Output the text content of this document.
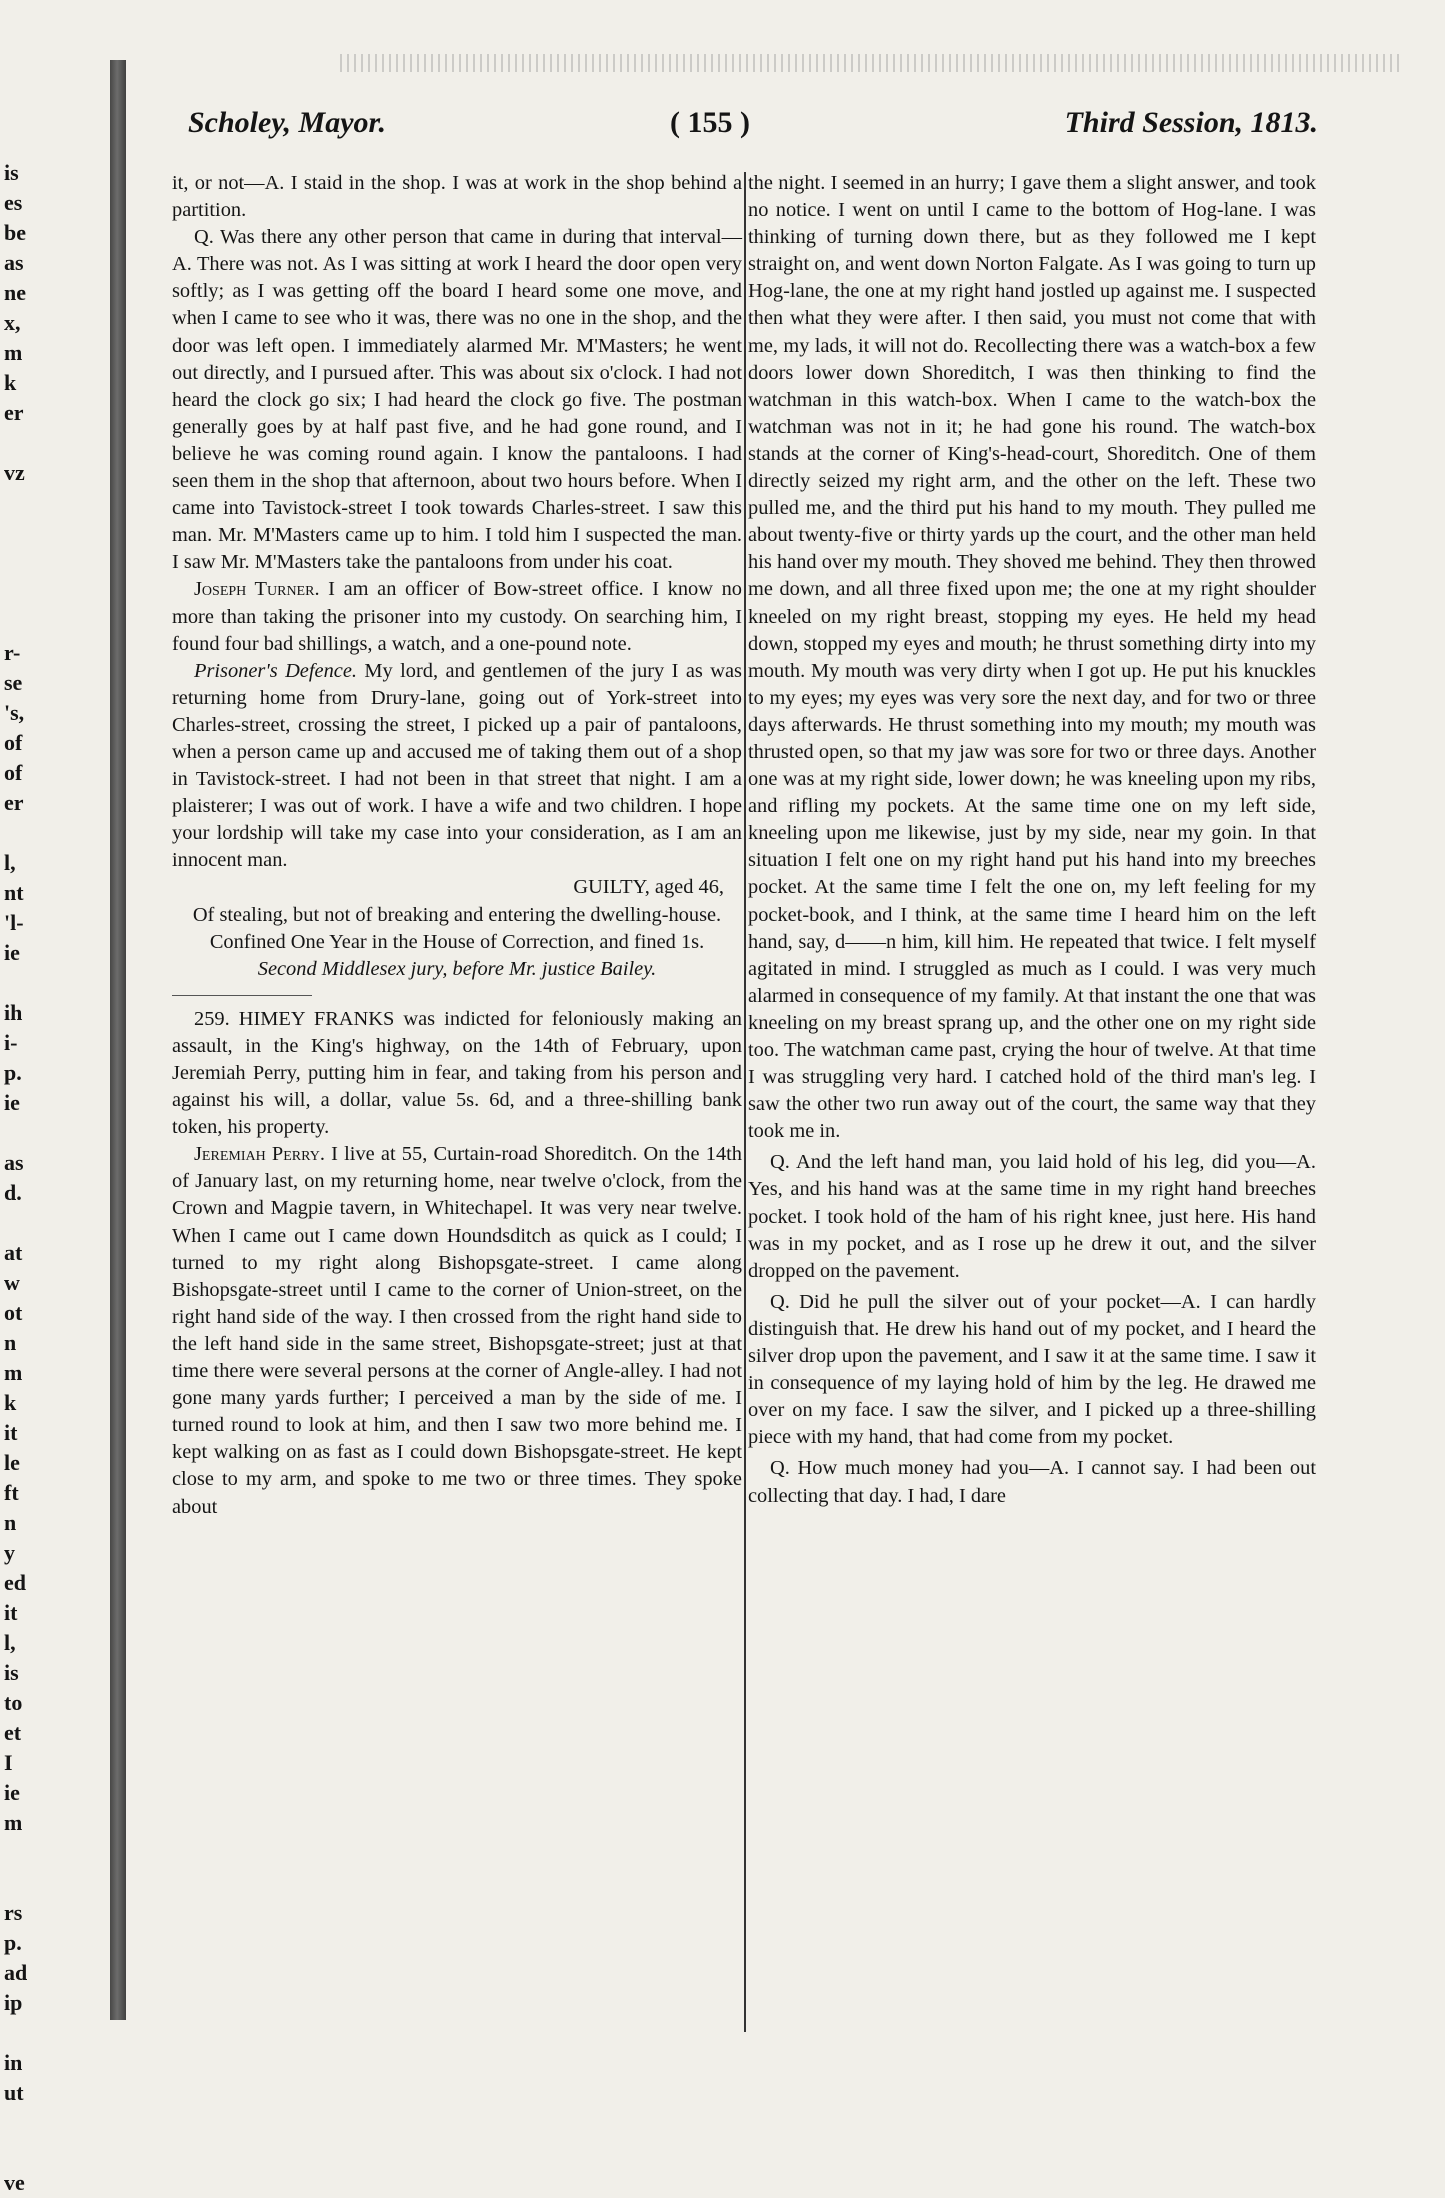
is
es
be
as
ne
x,
m
k
er
vz
r-
se
's,
of
of
er
l,
nt
'l-
ie
ih
i-
p.
ie
as
d.
at
w
ot
n
m
k
it
le
ft
n
y
ed
it
l,
is
to
et
I
ie
m
rs
p.
ad
ip
in
ut
ve
Scholey, Mayor.	( 155 )	Third Session, 1813.

it, or not—A. I staid in the shop. I was at work in the shop behind a partition.

Q. Was there any other person that came in during that interval—A. There was not. As I was sitting at work I heard the door open very softly; as I was getting off the board I heard some one move, and when I came to see who it was, there was no one in the shop, and the door was left open. I immediately alarmed Mr. M'Masters; he went out directly, and I pursued after. This was about six o'clock. I had not heard the clock go six; I had heard the clock go five. The postman generally goes by at half past five, and he had gone round, and I believe he was coming round again. I know the pantaloons. I had seen them in the shop that afternoon, about two hours before. When I came into Tavistock-street I took towards Charles-street. I saw this man. Mr. M'Masters came up to him. I told him I suspected the man. I saw Mr. M'Masters take the pantaloons from under his coat.

Joseph Turner. I am an officer of Bow-street office. I know no more than taking the prisoner into my custody. On searching him, I found four bad shillings, a watch, and a one-pound note.

Prisoner's Defence. My lord, and gentlemen of the jury I as was returning home from Drury-lane, going out of York-street into Charles-street, crossing the street, I picked up a pair of pantaloons, when a person came up and accused me of taking them out of a shop in Tavistock-street. I had not been in that street that night. I am a plaisterer; I was out of work. I have a wife and two children. I hope your lordship will take my case into your consideration, as I am an innocent man.

GUILTY, aged 46,

Of stealing, but not of breaking and entering the dwelling-house.

Confined One Year in the House of Correction, and fined 1s.

Second Middlesex jury, before Mr. justice Bailey.

259. HIMEY FRANKS was indicted for feloniously making an assault, in the King's highway, on the 14th of February, upon Jeremiah Perry, putting him in fear, and taking from his person and against his will, a dollar, value 5s. 6d, and a three-shilling bank token, his property.

Jeremiah Perry. I live at 55, Curtain-road Shoreditch. On the 14th of January last, on my returning home, near twelve o'clock, from the Crown and Magpie tavern, in Whitechapel. It was very near twelve. When I came out I came down Houndsditch as quick as I could; I turned to my right along Bishopsgate-street. I came along Bishopsgate-street until I came to the corner of Union-street, on the right hand side of the way. I then crossed from the right hand side to the left hand side in the same street, Bishopsgate-street; just at that time there were several persons at the corner of Angle-alley. I had not gone many yards further; I perceived a man by the side of me. I turned round to look at him, and then I saw two more behind me. I kept walking on as fast as I could down Bishopsgate-street. He kept close to my arm, and spoke to me two or three times. They spoke about

the night. I seemed in an hurry; I gave them a slight answer, and took no notice. I went on until I came to the bottom of Hog-lane. I was thinking of turning down there, but as they followed me I kept straight on, and went down Norton Falgate. As I was going to turn up Hog-lane, the one at my right hand jostled up against me. I suspected then what they were after. I then said, you must not come that with me, my lads, it will not do. Recollecting there was a watch-box a few doors lower down Shoreditch, I was then thinking to find the watchman in this watch-box. When I came to the watch-box the watchman was not in it; he had gone his round. The watch-box stands at the corner of King's-head-court, Shoreditch. One of them directly seized my right arm, and the other on the left. These two pulled me, and the third put his hand to my mouth. They pulled me about twenty-five or thirty yards up the court, and the other man held his hand over my mouth. They shoved me behind. They then throwed me down, and all three fixed upon me; the one at my right shoulder kneeled on my right breast, stopping my eyes. He held my head down, stopped my eyes and mouth; he thrust something dirty into my mouth. My mouth was very dirty when I got up. He put his knuckles to my eyes; my eyes was very sore the next day, and for two or three days afterwards. He thrust something into my mouth; my mouth was thrusted open, so that my jaw was sore for two or three days. Another one was at my right side, lower down; he was kneeling upon my ribs, and rifling my pockets. At the same time one on my left side, kneeling upon me likewise, just by my side, near my goin. In that situation I felt one on my right hand put his hand into my breeches pocket. At the same time I felt the one on, my left feeling for my pocket-book, and I think, at the same time I heard him on the left hand, say, d——n him, kill him. He repeated that twice. I felt myself agitated in mind. I struggled as much as I could. I was very much alarmed in consequence of my family. At that instant the one that was kneeling on my breast sprang up, and the other one on my right side too. The watchman came past, crying the hour of twelve. At that time I was struggling very hard. I catched hold of the third man's leg. I saw the other two run away out of the court, the same way that they took me in.

Q. And the left hand man, you laid hold of his leg, did you—A. Yes, and his hand was at the same time in my right hand breeches pocket. I took hold of the ham of his right knee, just here. His hand was in my pocket, and as I rose up he drew it out, and the silver dropped on the pavement.

Q. Did he pull the silver out of your pocket—A. I can hardly distinguish that. He drew his hand out of my pocket, and I heard the silver drop upon the pavement, and I saw it at the same time. I saw it in consequence of my laying hold of him by the leg. He drawed me over on my face. I saw the silver, and I picked up a three-shilling piece with my hand, that had come from my pocket.

Q. How much money had you—A. I cannot say. I had been out collecting that day. I had, I dare
